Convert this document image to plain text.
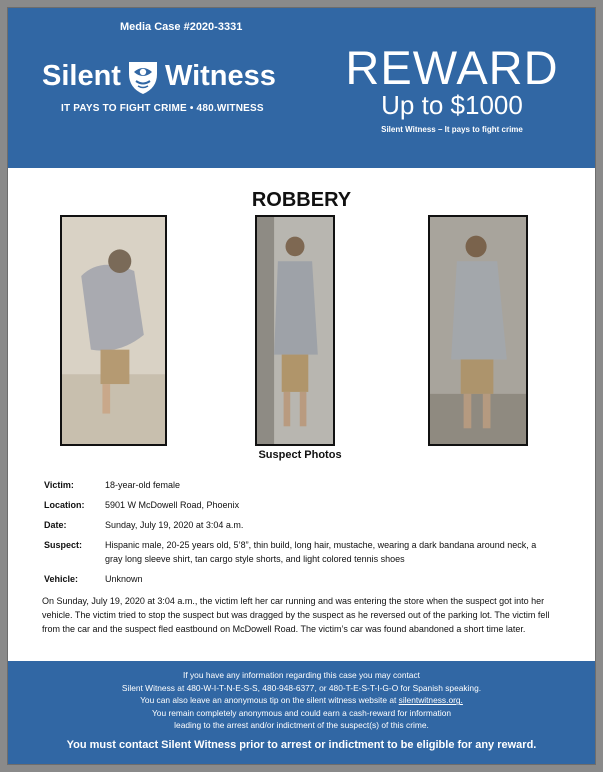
Media Case #2020-3331
Silent Witness
IT PAYS TO FIGHT CRIME • 480.WITNESS
REWARD
Up to $1000
Silent Witness – It pays to fight crime
ROBBERY
Suspect Photos
Victim:	18-year-old female
Location:	5901 W McDowell Road, Phoenix
Date:	Sunday, July 19, 2020 at 3:04 a.m.
Suspect:	Hispanic male, 20-25 years old, 5’8”, thin build, long hair, mustache, wearing a dark bandana around neck, a gray long sleeve shirt, tan cargo style shorts, and light colored tennis shoes
Vehicle:	Unknown
On Sunday, July 19, 2020 at 3:04 a.m., the victim left her car running and was entering the store when the suspect got into her vehicle. The victim tried to stop the suspect but was dragged by the suspect as he reversed out of the parking lot. The victim fell from the car and the suspect fled eastbound on McDowell Road. The victim’s car was found abandoned a short time later.
If you have any information regarding this case you may contact
Silent Witness at 480-W-I-T-N-E-S-S, 480-948-6377, or 480-T-E-S-T-I-G-O for Spanish speaking.
You can also leave an anonymous tip on the silent witness website at silentwitness.org.
You remain completely anonymous and could earn a cash-reward for information
leading to the arrest and/or indictment of the suspect(s) of this crime.
You must contact Silent Witness prior to arrest or indictment to be eligible for any reward.
